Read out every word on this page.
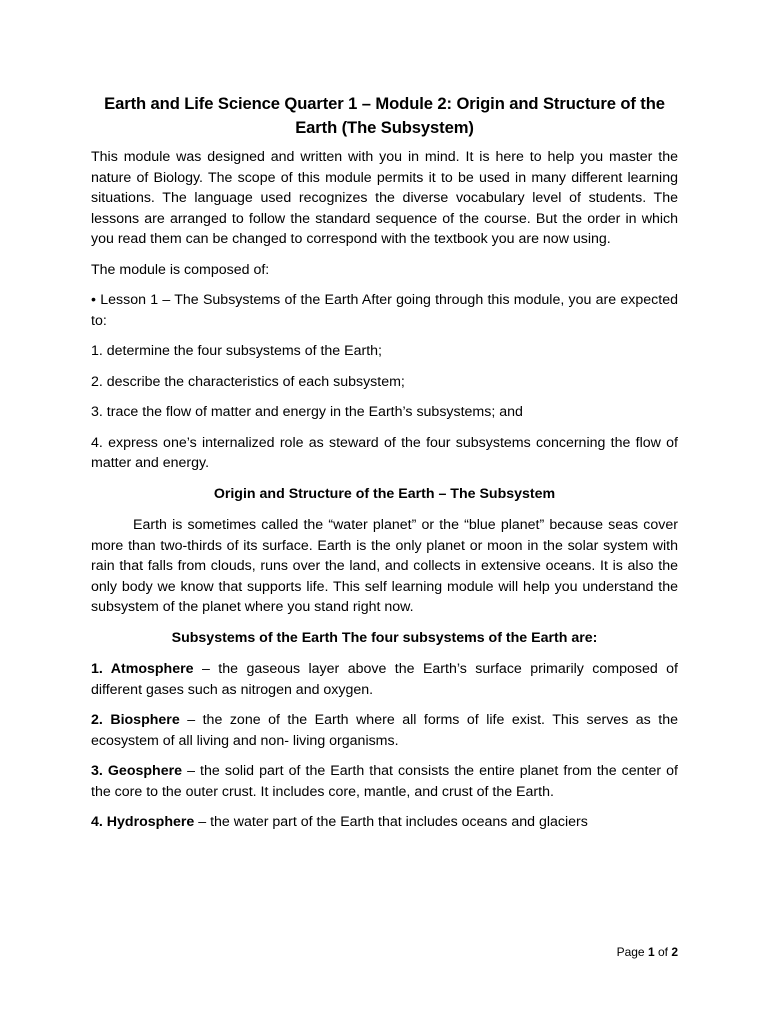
Earth and Life Science Quarter 1 – Module 2: Origin and Structure of the Earth (The Subsystem)

This module was designed and written with you in mind. It is here to help you master the nature of Biology. The scope of this module permits it to be used in many different learning situations. The language used recognizes the diverse vocabulary level of students. The lessons are arranged to follow the standard sequence of the course. But the order in which you read them can be changed to correspond with the textbook you are now using.

The module is composed of:

• Lesson 1 – The Subsystems of the Earth After going through this module, you are expected to:

1. determine the four subsystems of the Earth;

2. describe the characteristics of each subsystem;

3. trace the flow of matter and energy in the Earth’s subsystems; and

4. express one’s internalized role as steward of the four subsystems concerning the flow of matter and energy.

Origin and Structure of the Earth – The Subsystem

Earth is sometimes called the “water planet” or the “blue planet” because seas cover more than two-thirds of its surface. Earth is the only planet or moon in the solar system with rain that falls from clouds, runs over the land, and collects in extensive oceans. It is also the only body we know that supports life. This self learning module will help you understand the subsystem of the planet where you stand right now.

Subsystems of the Earth The four subsystems of the Earth are:

1. Atmosphere – the gaseous layer above the Earth’s surface primarily composed of different gases such as nitrogen and oxygen.

2. Biosphere – the zone of the Earth where all forms of life exist. This serves as the ecosystem of all living and non- living organisms.

3. Geosphere – the solid part of the Earth that consists the entire planet from the center of the core to the outer crust. It includes core, mantle, and crust of the Earth.

4. Hydrosphere – the water part of the Earth that includes oceans and glaciers

Page 1 of 2
